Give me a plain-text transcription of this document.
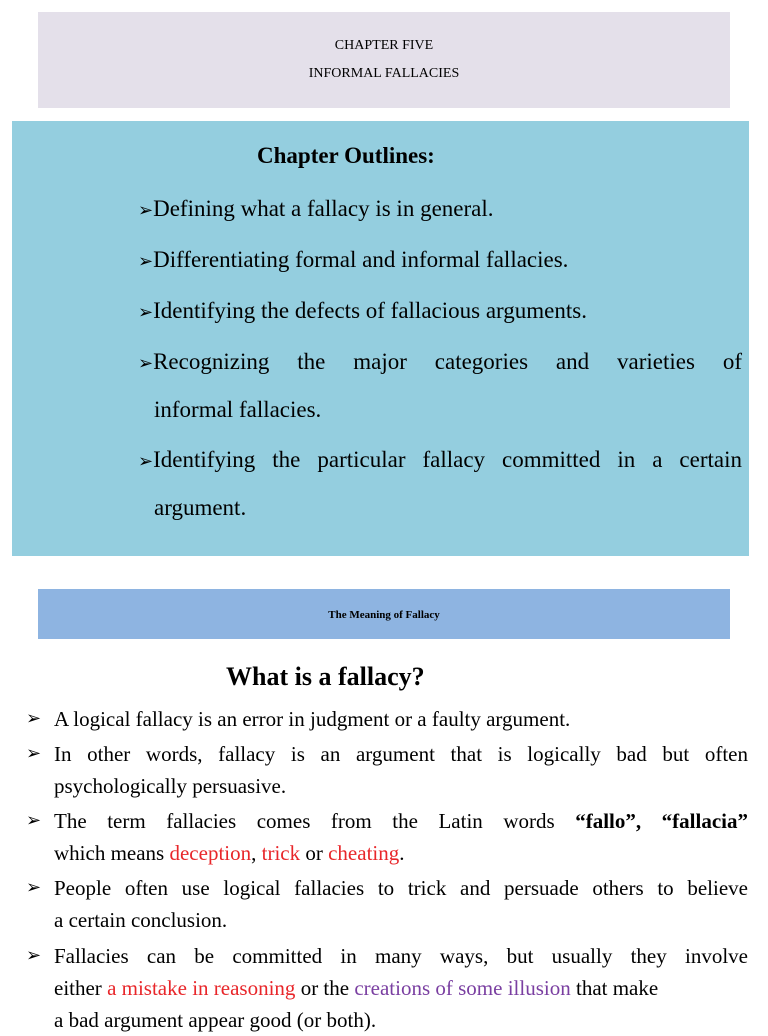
CHAPTER FIVE
INFORMAL FALLACIES
Chapter Outlines:
➢Defining what a fallacy is in general.
➢Differentiating formal and informal fallacies.
➢Identifying the defects of fallacious arguments.
➢Recognizing the major categories and varieties of
informal fallacies.
➢Identifying the particular fallacy committed in a certain
argument.
The Meaning of Fallacy
What is a fallacy?
➢ A logical fallacy is an error in judgment or a faulty argument.
➢ In other words, fallacy is an argument that is logically bad but often
psychologically persuasive.
➢ The term fallacies comes from the Latin words “fallo”, “fallacia”
which means deception, trick or cheating.
➢ People often use logical fallacies to trick and persuade others to believe
a certain conclusion.
➢ Fallacies can be committed in many ways, but usually they involve
either a mistake in reasoning or the creations of some illusion that make
a bad argument appear good (or both).
